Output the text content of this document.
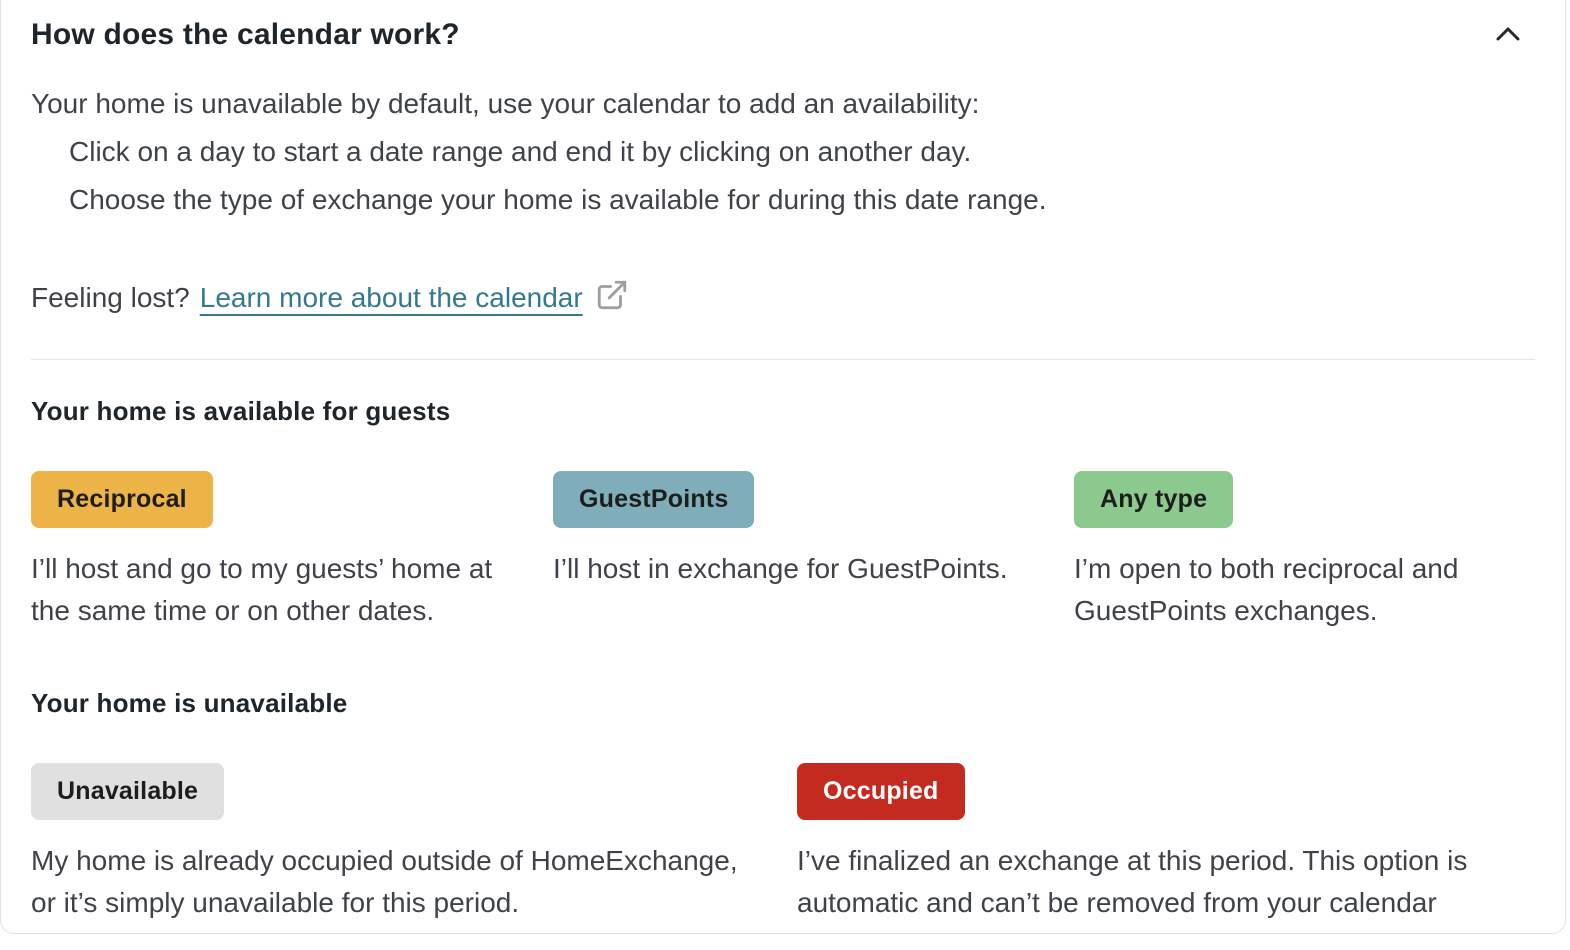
How does the calendar work?

Your home is unavailable by default, use your calendar to add an availability:

Click on a day to start a date range and end it by clicking on another day.

Choose the type of exchange your home is available for during this date range.

Feeling lost? Learn more about the calendar
Your home is available for guests
Reciprocal

I’ll host and go to my guests’ home at the same time or on other dates.

GuestPoints

I’ll host in exchange for GuestPoints.

Any type

I’m open to both reciprocal and GuestPoints exchanges.

Your home is unavailable
Unavailable

My home is already occupied outside of HomeExchange, or it’s simply unavailable for this period.

Occupied

I’ve finalized an exchange at this period. This option is automatic and can’t be removed from your calendar
